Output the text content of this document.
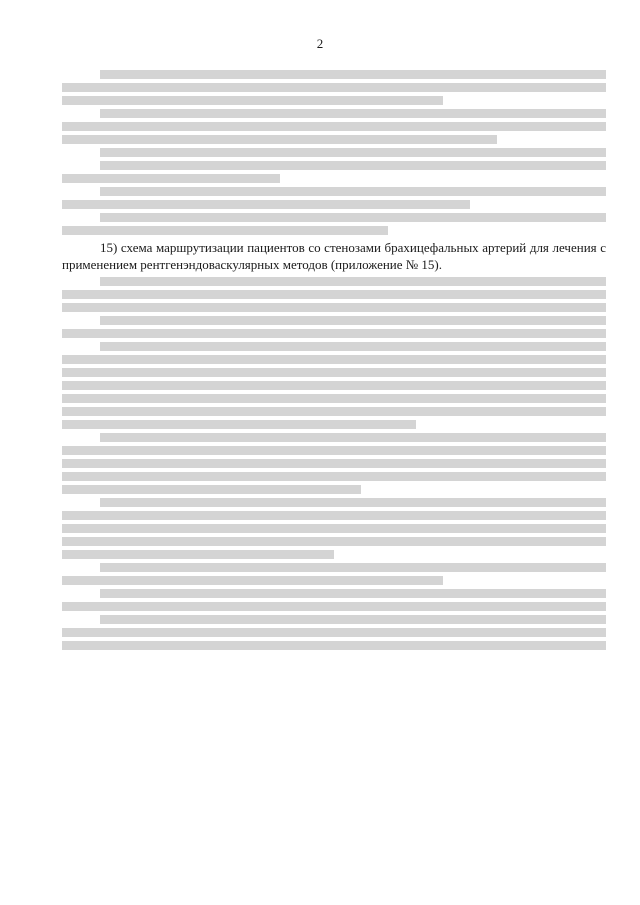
2

15) схема маршрутизации пациентов со стенозами брахицефальных артерий для лечения с применением рентгенэндоваскулярных методов (приложение № 15).
